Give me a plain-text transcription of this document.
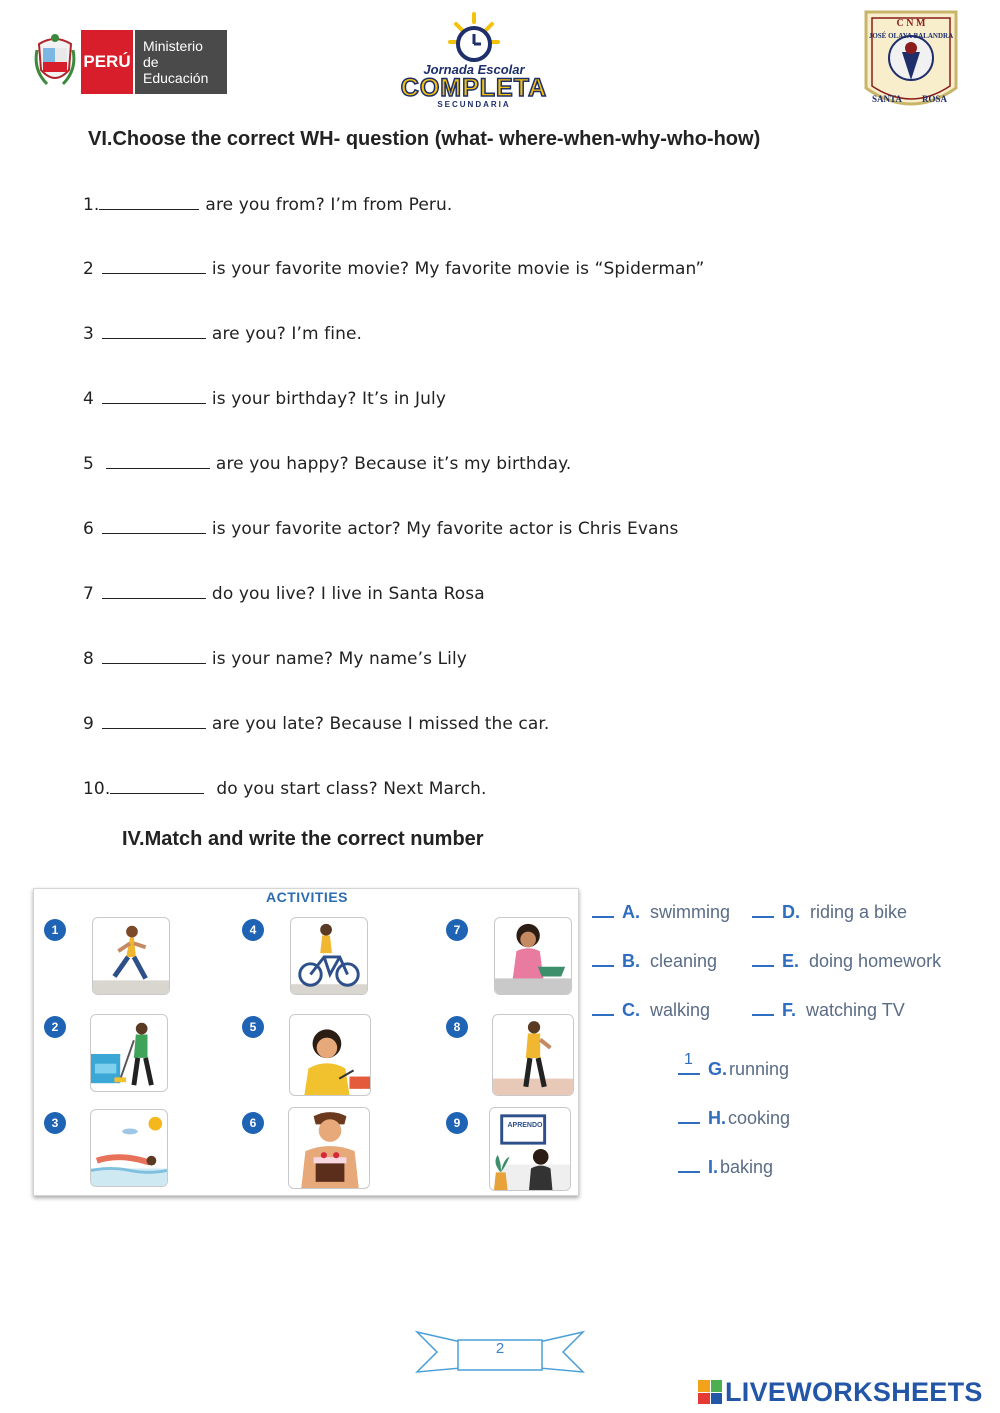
PERÚ
Ministerio
de Educación
Jornada Escolar
COMPLETA
SECUNDARIA
C N M
JOSÉ OLAYA BALANDRA
SANTA ROSA
VI.Choose the correct WH- question (what- where-when-why-who-how)
1.	are you from? I’m from Peru.
2	is your favorite movie? My favorite movie is “Spiderman”
3	are you? I’m fine.
4	is your birthday? It’s in July
5	are you happy? Because it’s my birthday.
6	is your favorite actor? My favorite actor is Chris Evans
7	do you live? I live in Santa Rosa
8	is your name? My name’s Lily
9	are you late? Because I missed the car.
10.	do you start class? Next March.
IV.Match and write the correct number
ACTIVITIES
1
2
3
4
5
6
7
8
9	APRENDO
A. swimming
B. cleaning
C. walking
D. riding a bike
E. doing homework
F. watching TV
1 G. running
H. cooking
I. baking
2
LIVEWORKSHEETS
